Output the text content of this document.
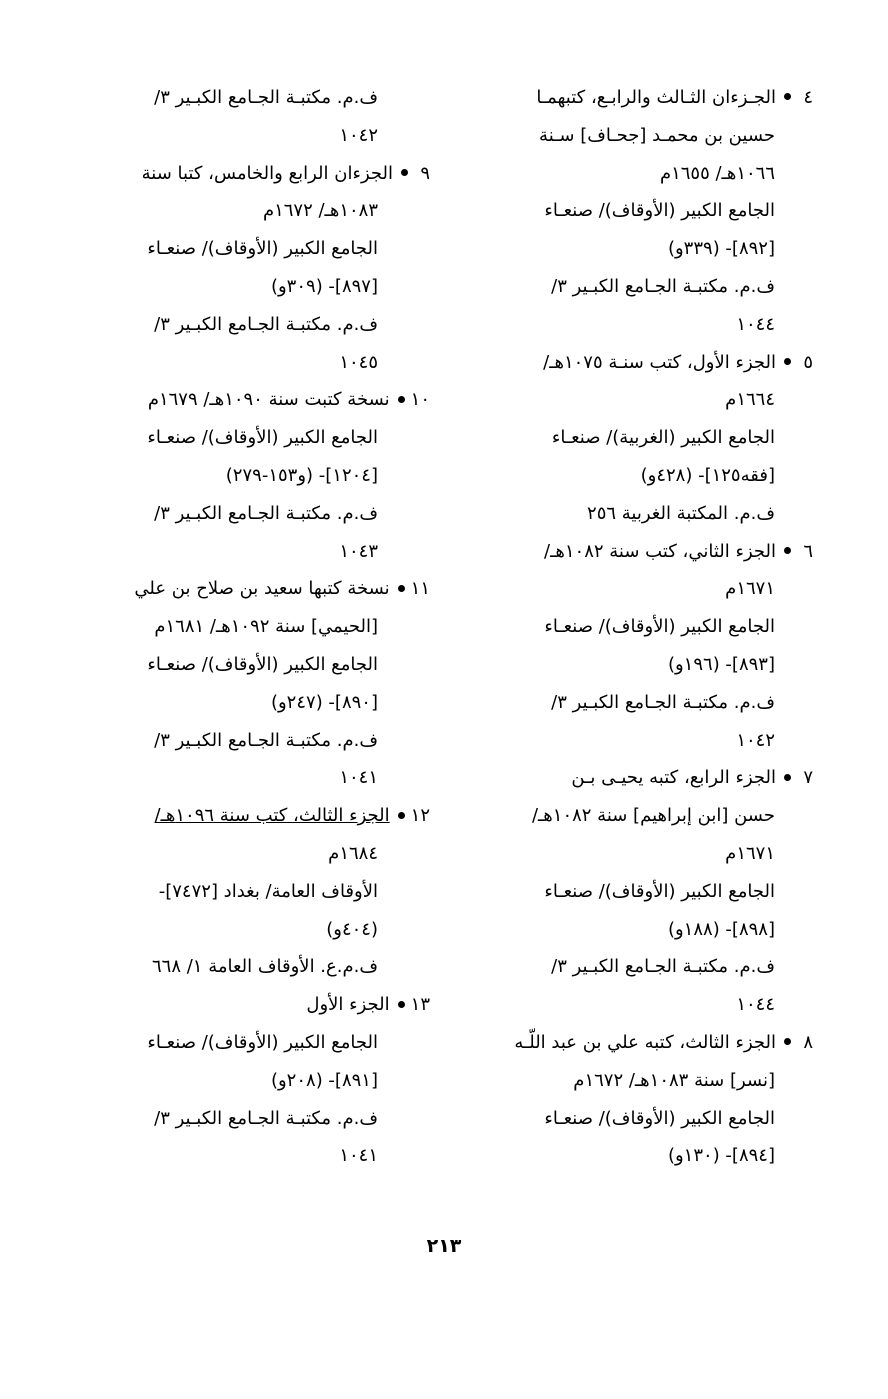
٤
الجـزءان الثـالث والرابـع، كتبهمـا
حسين بن محمـد [جحـاف] سـنة
١٠٦٦هـ/ ١٦٥٥م
الجامع الكبير (الأوقاف)/ صنعـاء
[٨٩٢]- (٣٣٩و)
ف.م. مكتبـة الجـامع الكبـير ٣/
١٠٤٤
٥
الجزء الأول، كتب سنـة ١٠٧٥هـ/
١٦٦٤م
الجامع الكبير (الغربية)/ صنعـاء
[فقه١٢٥]- (٤٢٨و)
ف.م. المكتبة الغربية ٢٥٦
٦
الجزء الثاني، كتب سنة ١٠٨٢هـ/
١٦٧١م
الجامع الكبير (الأوقاف)/ صنعـاء
[٨٩٣]- (١٩٦و)
ف.م. مكتبـة الجـامع الكبـير ٣/
١٠٤٢
٧
الجزء الرابع، كتبه يحيـى بـن
حسن [ابن إبراهيم] سنة ١٠٨٢هـ/
١٦٧١م
الجامع الكبير (الأوقاف)/ صنعـاء
[٨٩٨]- (١٨٨و)
ف.م. مكتبـة الجـامع الكبـير ٣/
١٠٤٤
٨
الجزء الثالث، كتبه علي بن عبد اللّـه
[نسر] سنة ١٠٨٣هـ/ ١٦٧٢م
الجامع الكبير (الأوقاف)/ صنعـاء
[٨٩٤]- (١٣٠و)
ف.م. مكتبـة الجـامع الكبـير ٣/
١٠٤٢
٩
الجزءان الرابع والخامس، كتبا سنة
١٠٨٣هـ/ ١٦٧٢م
الجامع الكبير (الأوقاف)/ صنعـاء
[٨٩٧]- (٣٠٩و)
ف.م. مكتبـة الجـامع الكبـير ٣/
١٠٤٥
١٠
نسخة كتبت سنة ١٠٩٠هـ/ ١٦٧٩م
الجامع الكبير (الأوقاف)/ صنعـاء
[١٢٠٤]- (و١٥٣-٢٧٩)
ف.م. مكتبـة الجـامع الكبـير ٣/
١٠٤٣
١١
نسخة كتبها سعيد بن صلاح بن علي
[الحيمي] سنة ١٠٩٢هـ/ ١٦٨١م
الجامع الكبير (الأوقاف)/ صنعـاء
[٨٩٠]- (٢٤٧و)
ف.م. مكتبـة الجـامع الكبـير ٣/
١٠٤١
١٢
الجزء الثالث، كتب سنة ١٠٩٦هـ/
١٦٨٤م
الأوقاف العامة/ بغداد [٧٤٧٢]-
(٤٠٤و)
ف.م.ع. الأوقاف العامة ١/ ٦٦٨
١٣
الجزء الأول
الجامع الكبير (الأوقاف)/ صنعـاء
[٨٩١]- (٢٠٨و)
ف.م. مكتبـة الجـامع الكبـير ٣/
١٠٤١
٢١٣
